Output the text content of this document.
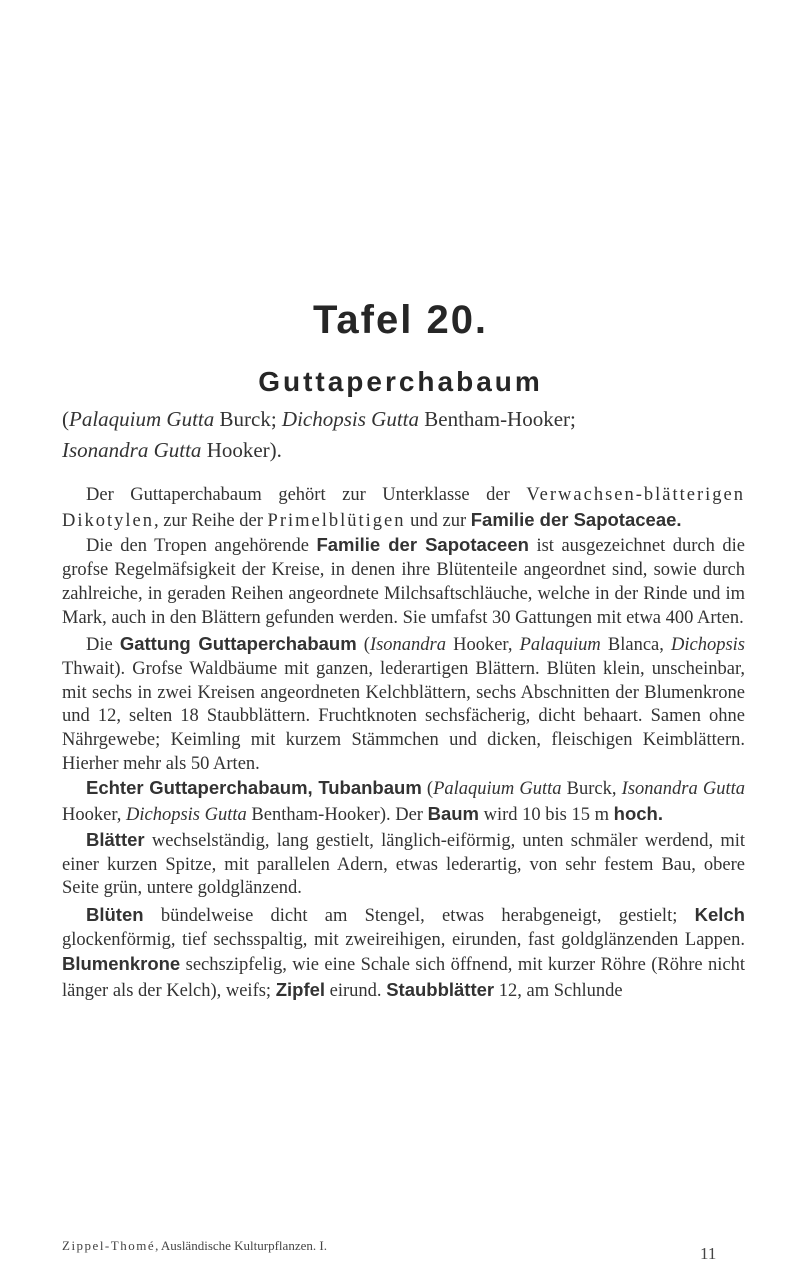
Tafel 20.
Guttaperchabaum
(Palaquium Gutta Burck; Dichopsis Gutta Bentham-Hooker;
Isonandra Gutta Hooker).

Der Guttaperchabaum gehört zur Unterklasse der Verwachsen-blätterigen Dikotylen, zur Reihe der Primelblütigen und zur Familie der Sapotaceae.

Die den Tropen angehörende Familie der Sapotaceen ist ausgezeichnet durch die grofse Regelmäfsigkeit der Kreise, in denen ihre Blütenteile angeordnet sind, sowie durch zahlreiche, in geraden Reihen angeordnete Milchsaftschläuche, welche in der Rinde und im Mark, auch in den Blättern gefunden werden. Sie umfafst 30 Gattungen mit etwa 400 Arten.

Die Gattung Guttaperchabaum (Isonandra Hooker, Palaquium Blanca, Dichopsis Thwait). Grofse Waldbäume mit ganzen, lederartigen Blättern. Blüten klein, unscheinbar, mit sechs in zwei Kreisen angeordneten Kelchblättern, sechs Abschnitten der Blumenkrone und 12, selten 18 Staubblättern. Fruchtknoten sechsfächerig, dicht behaart. Samen ohne Nährgewebe; Keimling mit kurzem Stämmchen und dicken, fleischigen Keimblättern. Hierher mehr als 50 Arten.

Echter Guttaperchabaum, Tubanbaum (Palaquium Gutta Burck, Isonandra Gutta Hooker, Dichopsis Gutta Bentham-Hooker). Der Baum wird 10 bis 15 m hoch.

Blätter wechselständig, lang gestielt, länglich-eiförmig, unten schmäler werdend, mit einer kurzen Spitze, mit parallelen Adern, etwas lederartig, von sehr festem Bau, obere Seite grün, untere goldglänzend.

Blüten bündelweise dicht am Stengel, etwas herabgeneigt, gestielt; Kelch glockenförmig, tief sechsspaltig, mit zweireihigen, eirunden, fast goldglänzenden Lappen. Blumenkrone sechszipfelig, wie eine Schale sich öffnend, mit kurzer Röhre (Röhre nicht länger als der Kelch), weifs; Zipfel eirund. Staubblätter 12, am Schlunde

Zippel-Thomé, Ausländische Kulturpflanzen. I.	11
